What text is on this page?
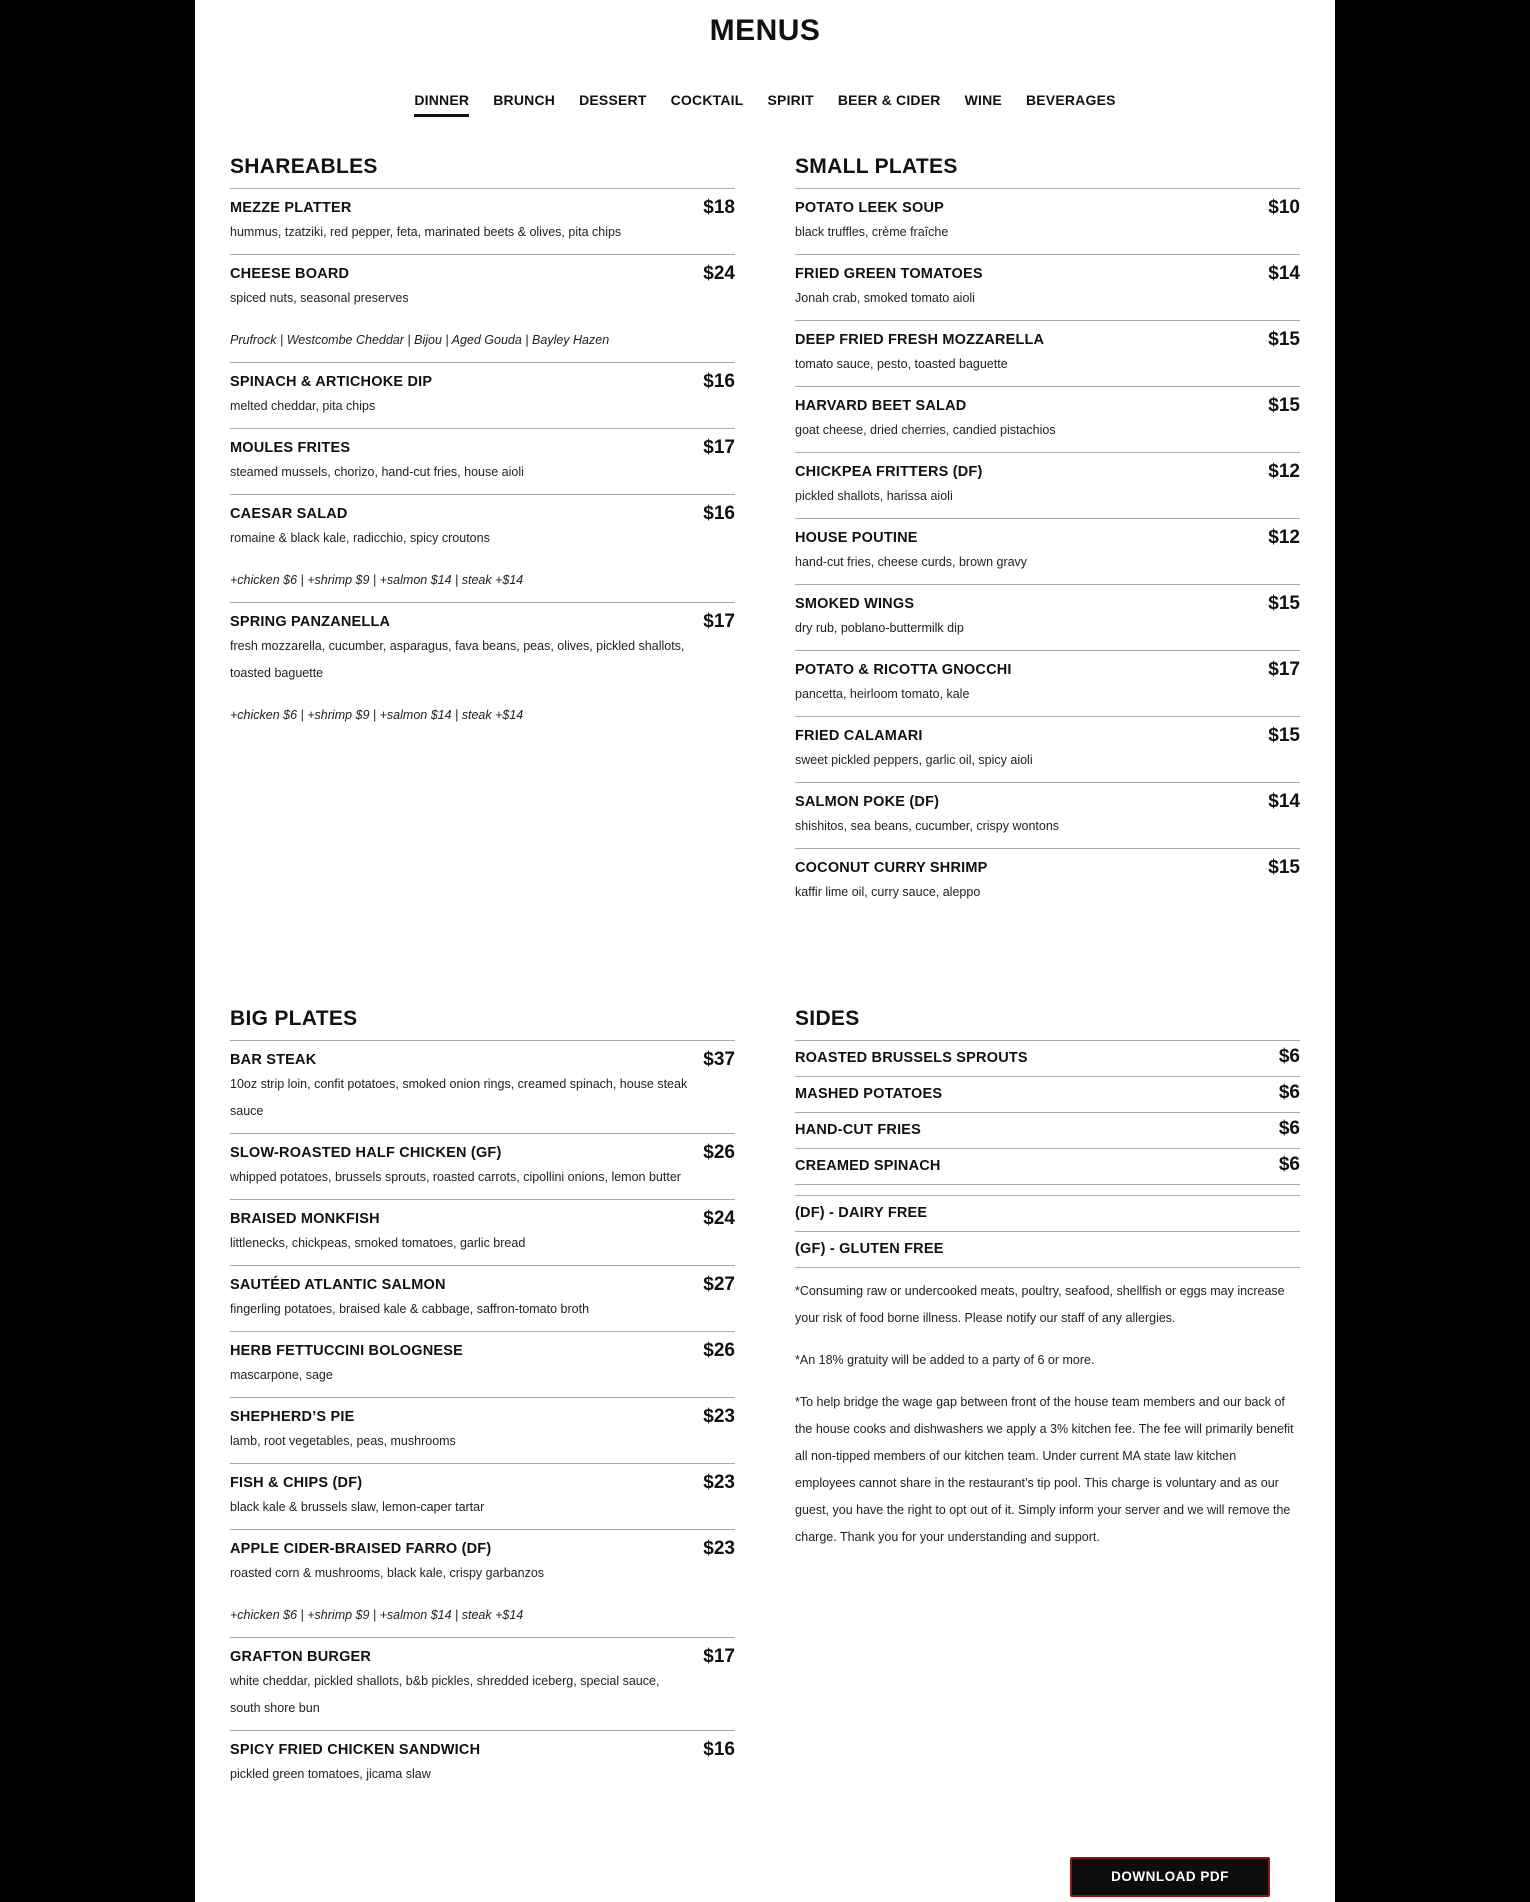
MENUS
DINNER BRUNCH DESSERT COCKTAIL SPIRIT BEER & CIDER WINE BEVERAGES
SHAREABLES
MEZZE PLATTER	$18
hummus, tzatziki, red pepper, feta, marinated beets & olives, pita chips
CHEESE BOARD	$24
spiced nuts, seasonal preserves
Prufrock | Westcombe Cheddar | Bijou | Aged Gouda | Bayley Hazen
SPINACH & ARTICHOKE DIP	$16
melted cheddar, pita chips
MOULES FRITES	$17
steamed mussels, chorizo, hand-cut fries, house aioli
CAESAR SALAD	$16
romaine & black kale, radicchio, spicy croutons
+chicken $6 | +shrimp $9 | +salmon $14 | steak +$14
SPRING PANZANELLA	$17
fresh mozzarella, cucumber, asparagus, fava beans, peas, olives, pickled shallots, toasted baguette
+chicken $6 | +shrimp $9 | +salmon $14 | steak +$14
SMALL PLATES
POTATO LEEK SOUP	$10
black truffles, crème fraîche
FRIED GREEN TOMATOES	$14
Jonah crab, smoked tomato aioli
DEEP FRIED FRESH MOZZARELLA	$15
tomato sauce, pesto, toasted baguette
HARVARD BEET SALAD	$15
goat cheese, dried cherries, candied pistachios
CHICKPEA FRITTERS (DF)	$12
pickled shallots, harissa aioli
HOUSE POUTINE	$12
hand-cut fries, cheese curds, brown gravy
SMOKED WINGS	$15
dry rub, poblano-buttermilk dip
POTATO & RICOTTA GNOCCHI	$17
pancetta, heirloom tomato, kale
FRIED CALAMARI	$15
sweet pickled peppers, garlic oil, spicy aioli
SALMON POKE (DF)	$14
shishitos, sea beans, cucumber, crispy wontons
COCONUT CURRY SHRIMP	$15
kaffir lime oil, curry sauce, aleppo
BIG PLATES
BAR STEAK	$37
10oz strip loin, confit potatoes, smoked onion rings, creamed spinach, house steak sauce
SLOW-ROASTED HALF CHICKEN (GF)	$26
whipped potatoes, brussels sprouts, roasted carrots, cipollini onions, lemon butter
BRAISED MONKFISH	$24
littlenecks, chickpeas, smoked tomatoes, garlic bread
SAUTÉED ATLANTIC SALMON	$27
fingerling potatoes, braised kale & cabbage, saffron-tomato broth
HERB FETTUCCINI BOLOGNESE	$26
mascarpone, sage
SHEPHERD’S PIE	$23
lamb, root vegetables, peas, mushrooms
FISH & CHIPS (DF)	$23
black kale & brussels slaw, lemon-caper tartar
APPLE CIDER-BRAISED FARRO (DF)	$23
roasted corn & mushrooms, black kale, crispy garbanzos
+chicken $6 | +shrimp $9 | +salmon $14 | steak +$14
GRAFTON BURGER	$17
white cheddar, pickled shallots, b&b pickles, shredded iceberg, special sauce, south shore bun
SPICY FRIED CHICKEN SANDWICH	$16
pickled green tomatoes, jicama slaw
SIDES
ROASTED BRUSSELS SPROUTS	$6
MASHED POTATOES	$6
HAND-CUT FRIES	$6
CREAMED SPINACH	$6
(DF) - DAIRY FREE
(GF) - GLUTEN FREE

*Consuming raw or undercooked meats, poultry, seafood, shellfish or eggs may increase your risk of food borne illness. Please notify our staff of any allergies.

*An 18% gratuity will be added to a party of 6 or more.

*To help bridge the wage gap between front of the house team members and our back of the house cooks and dishwashers we apply a 3% kitchen fee. The fee will primarily benefit all non-tipped members of our kitchen team. Under current MA state law kitchen employees cannot share in the restaurant’s tip pool. This charge is voluntary and as our guest, you have the right to opt out of it. Simply inform your server and we will remove the charge. Thank you for your understanding and support.

DOWNLOAD PDF
